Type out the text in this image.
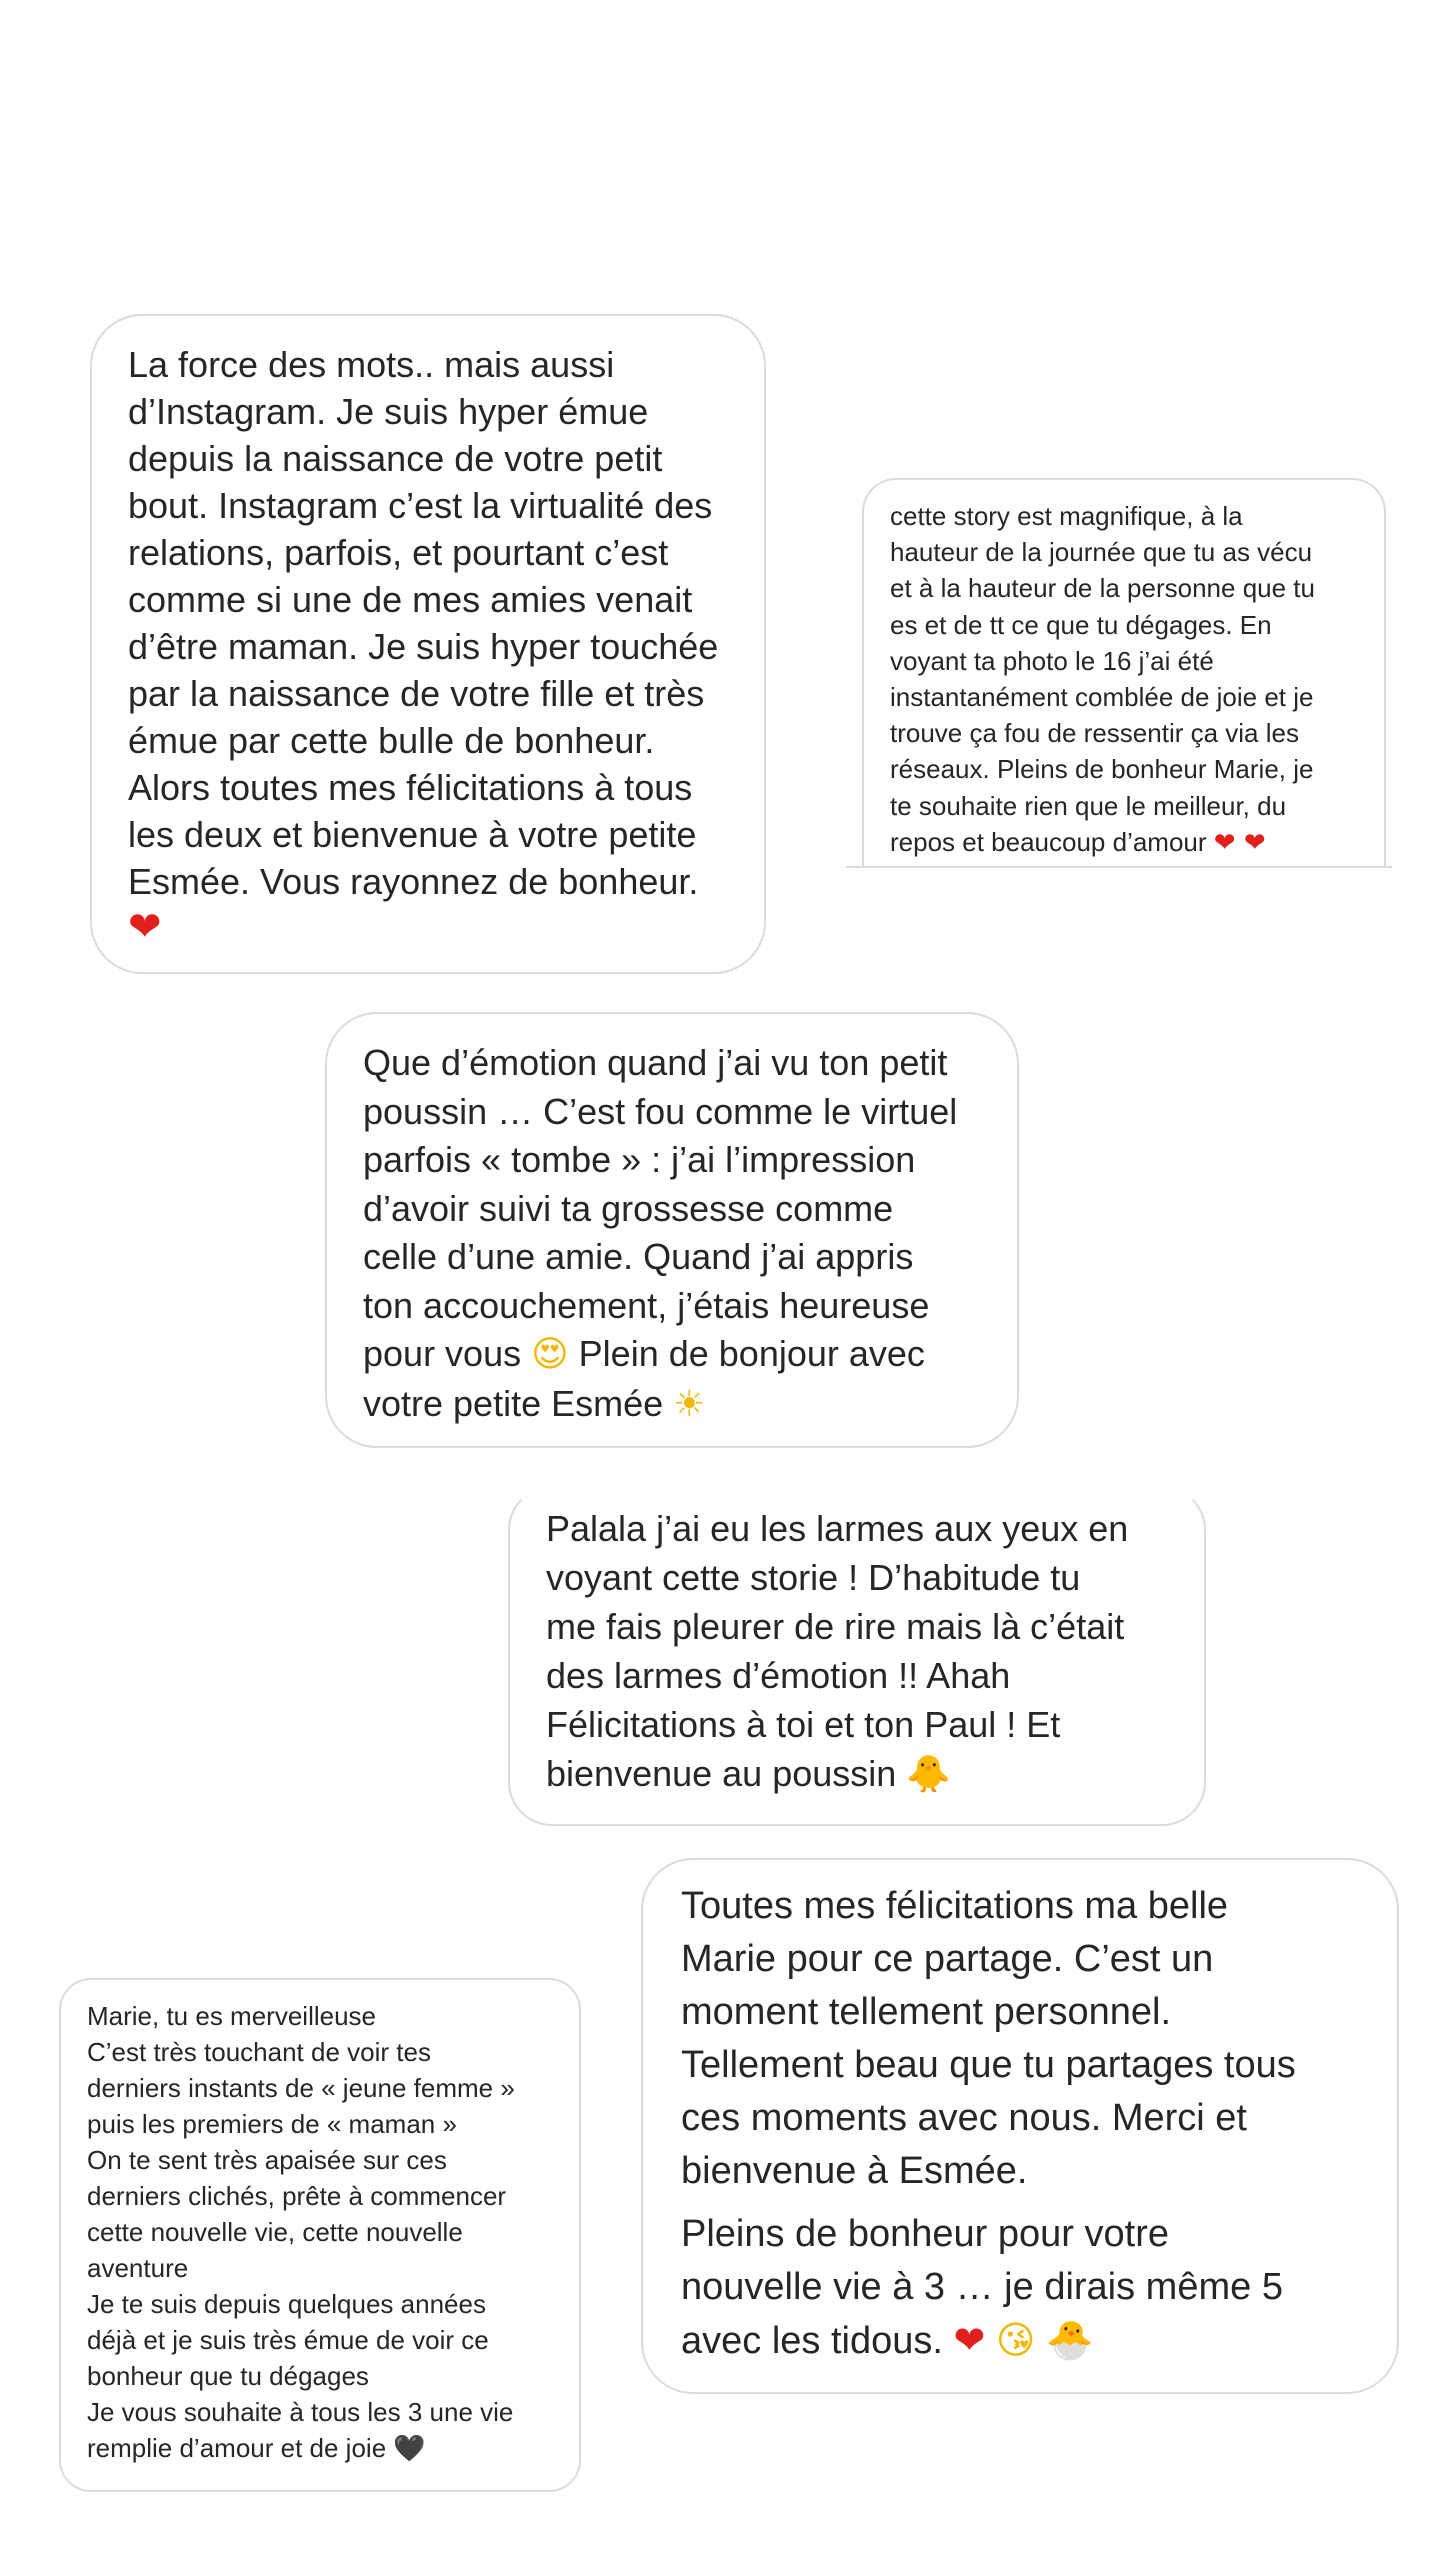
La force des mots.. mais aussi
d’Instagram. Je suis hyper émue
depuis la naissance de votre petit
bout. Instagram c’est la virtualité des
relations, parfois, et pourtant c’est
comme si une de mes amies venait
d’être maman. Je suis hyper touchée
par la naissance de votre fille et très
émue par cette bulle de bonheur.
Alors toutes mes félicitations à tous
les deux et bienvenue à votre petite
Esmée. Vous rayonnez de bonheur.
❤
cette story est magnifique, à la
hauteur de la journée que tu as vécu
et à la hauteur de la personne que tu
es et de tt ce que tu dégages. En
voyant ta photo le 16 j’ai été
instantanément comblée de joie et je
trouve ça fou de ressentir ça via les
réseaux. Pleins de bonheur Marie, je
te souhaite rien que le meilleur, du
repos et beaucoup d’amour ❤ ❤
Que d’émotion quand j’ai vu ton petit
poussin … C’est fou comme le virtuel
parfois « tombe » : j’ai l’impression
d’avoir suivi ta grossesse comme
celle d’une amie. Quand j’ai appris
ton accouchement, j’étais heureuse
pour vous 😍 Plein de bonjour avec
votre petite Esmée ☀
Palala j’ai eu les larmes aux yeux en
voyant cette storie ! D’habitude tu
me fais pleurer de rire mais là c’était
des larmes d’émotion !! Ahah
Félicitations à toi et ton Paul ! Et
bienvenue au poussin 🐥
Toutes mes félicitations ma belle
Marie pour ce partage. C’est un
moment tellement personnel.
Tellement beau que tu partages tous
ces moments avec nous. Merci et
bienvenue à Esmée.
Pleins de bonheur pour votre
nouvelle vie à 3 … je dirais même 5
avec les tidous. ❤ 😘 🐣
Marie, tu es merveilleuse
C’est très touchant de voir tes
derniers instants de « jeune femme »
puis les premiers de « maman »
On te sent très apaisée sur ces
derniers clichés, prête à commencer
cette nouvelle vie, cette nouvelle
aventure
Je te suis depuis quelques années
déjà et je suis très émue de voir ce
bonheur que tu dégages
Je vous souhaite à tous les 3 une vie
remplie d’amour et de joie 🖤
